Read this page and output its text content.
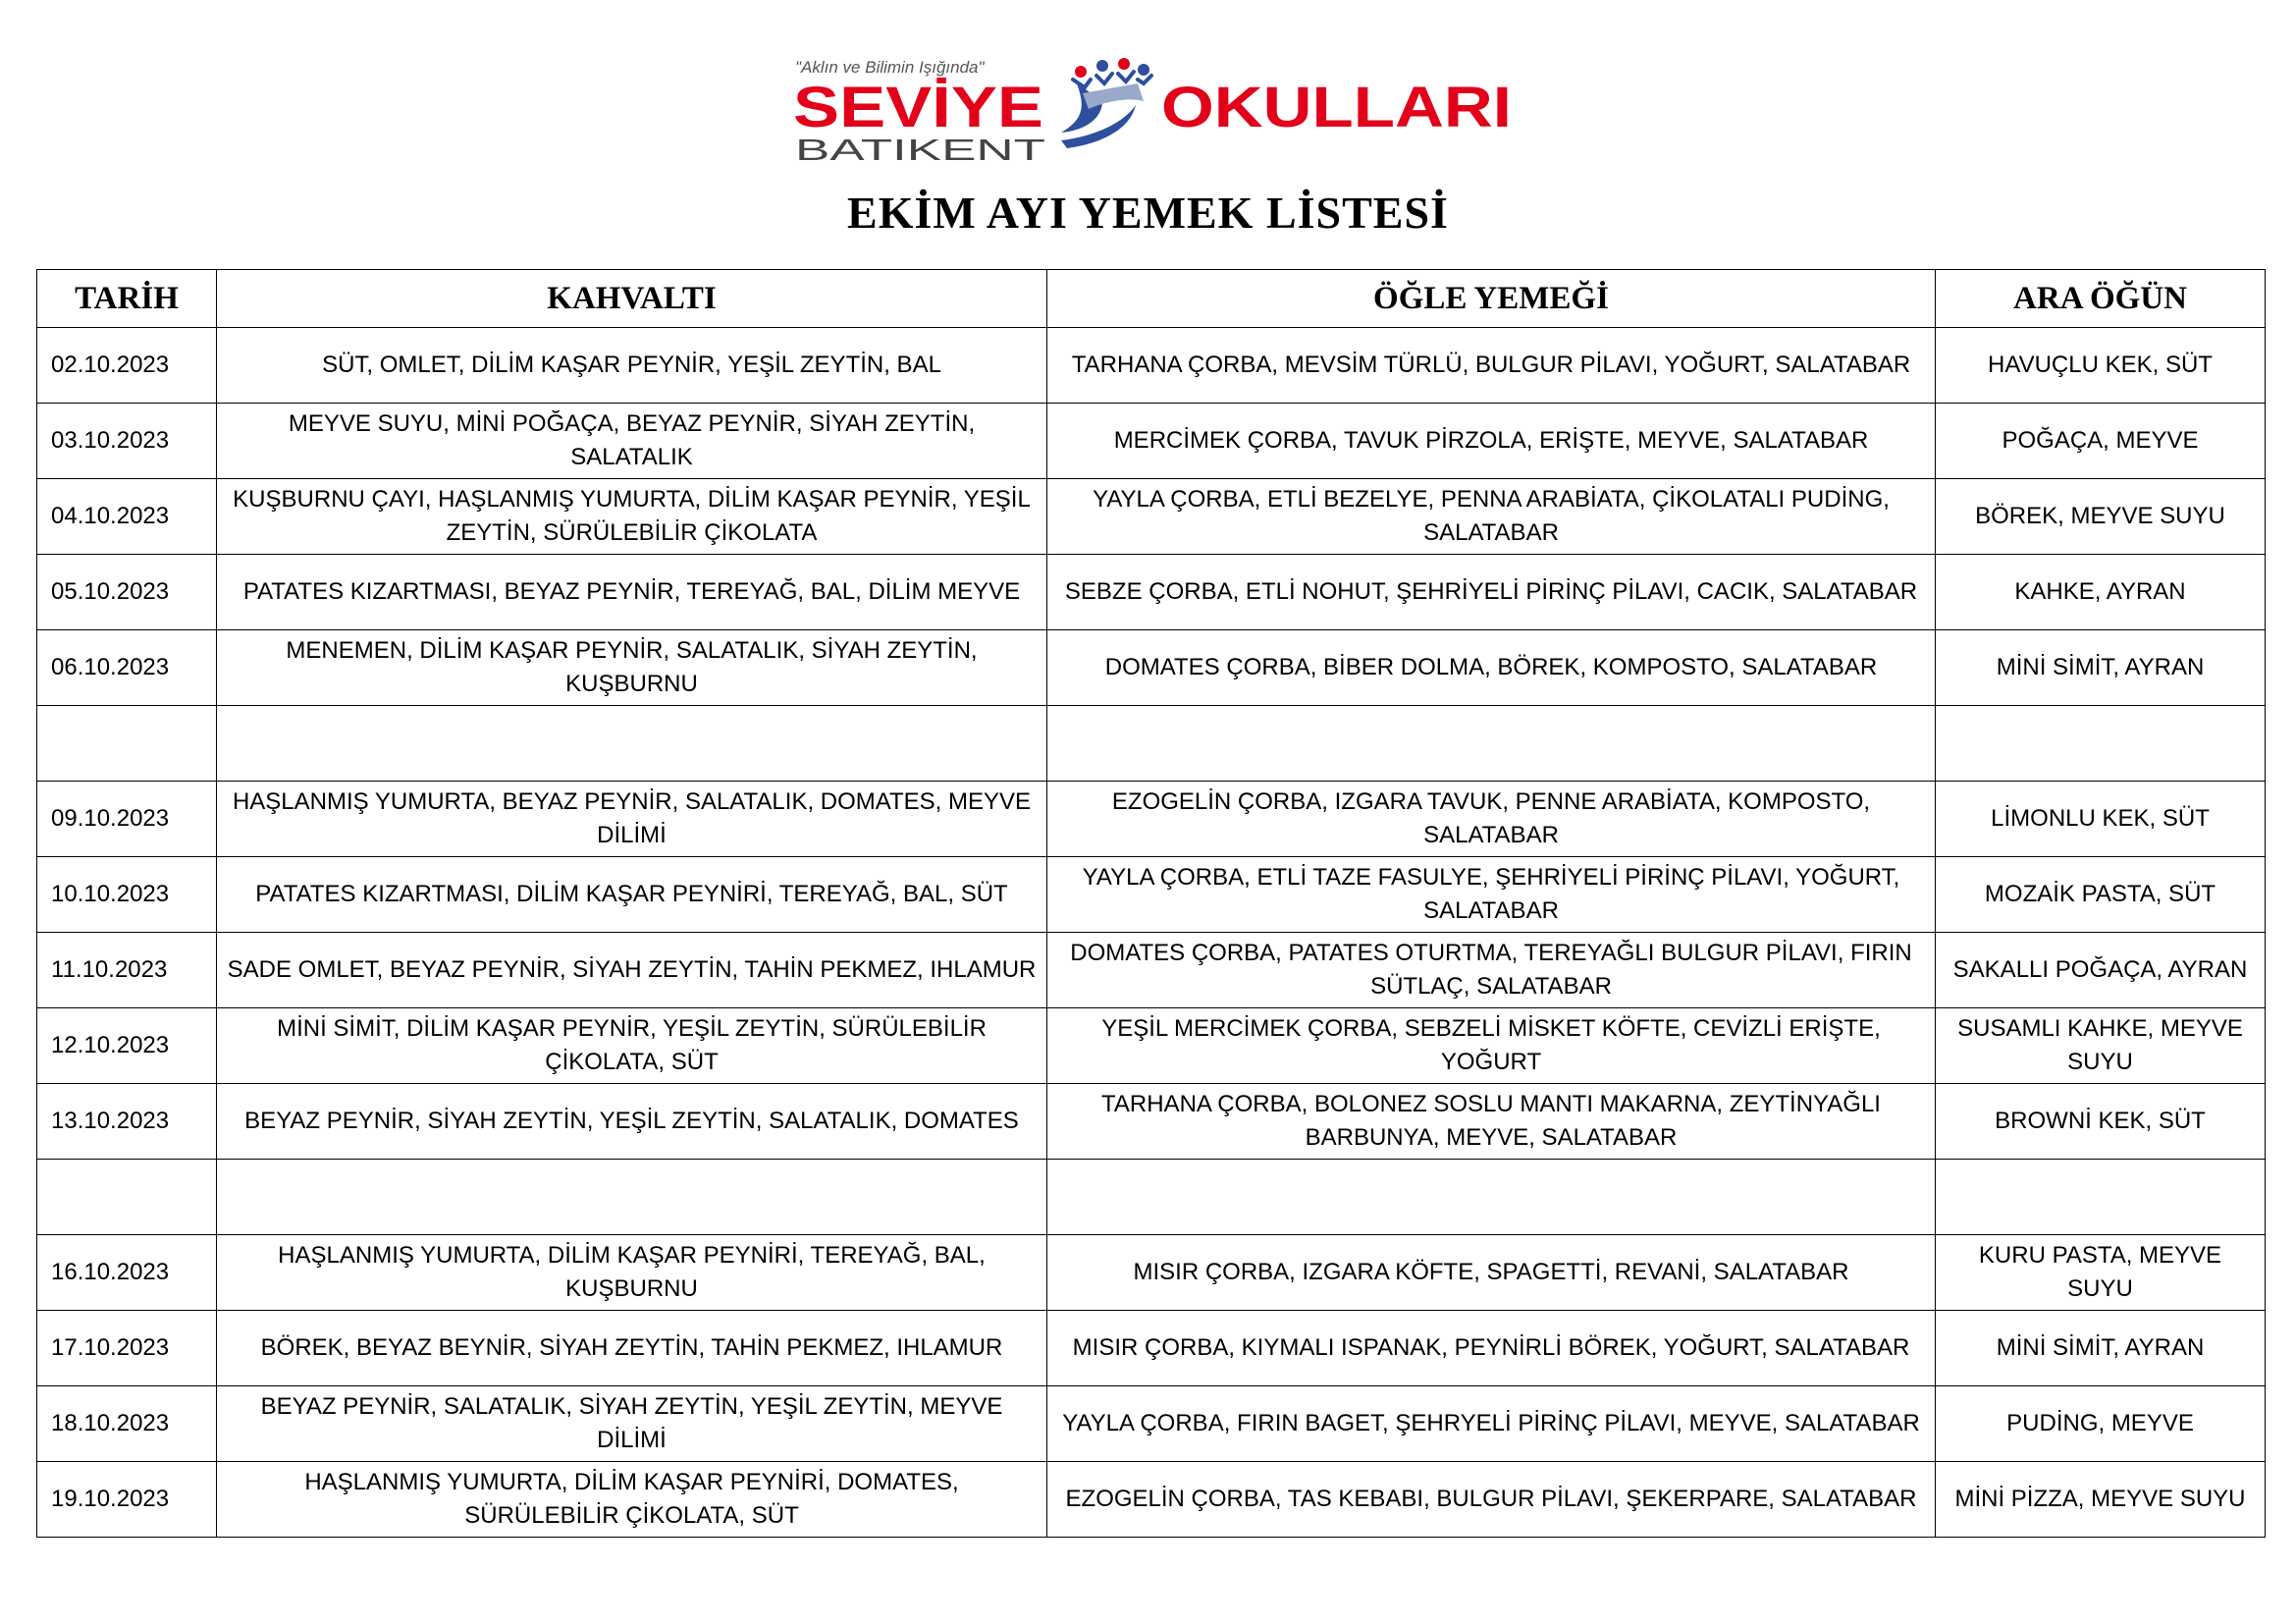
"Aklın ve Bilimin Işığında"
SEVİYE OKULLARI
BATIKENT
EKİM AYI YEMEK LİSTESİ
TARİH	KAHVALTI	ÖĞLE YEMEĞİ	ARA ÖĞÜN
02.10.2023	SÜT, OMLET, DİLİM KAŞAR PEYNİR, YEŞİL ZEYTİN, BAL	TARHANA ÇORBA, MEVSİM TÜRLÜ, BULGUR PİLAVI, YOĞURT, SALATABAR	HAVUÇLU KEK, SÜT
03.10.2023	MEYVE SUYU, MİNİ POĞAÇA, BEYAZ PEYNİR, SİYAH ZEYTİN, SALATALIK	MERCİMEK ÇORBA, TAVUK PİRZOLA, ERİŞTE, MEYVE, SALATABAR	POĞAÇA, MEYVE
04.10.2023	KUŞBURNU ÇAYI, HAŞLANMIŞ YUMURTA, DİLİM KAŞAR PEYNİR, YEŞİL ZEYTİN, SÜRÜLEBİLİR ÇİKOLATA	YAYLA ÇORBA, ETLİ BEZELYE, PENNA ARABİATA, ÇİKOLATALI PUDİNG, SALATABAR	BÖREK, MEYVE SUYU
05.10.2023	PATATES KIZARTMASI, BEYAZ PEYNİR, TEREYAĞ, BAL, DİLİM MEYVE	SEBZE ÇORBA, ETLİ NOHUT, ŞEHRİYELİ PİRİNÇ PİLAVI, CACIK, SALATABAR	KAHKE, AYRAN
06.10.2023	MENEMEN, DİLİM KAŞAR PEYNİR, SALATALIK, SİYAH ZEYTİN, KUŞBURNU	DOMATES ÇORBA, BİBER DOLMA, BÖREK, KOMPOSTO, SALATABAR	MİNİ SİMİT, AYRAN

09.10.2023	HAŞLANMIŞ YUMURTA, BEYAZ PEYNİR, SALATALIK, DOMATES, MEYVE DİLİMİ	EZOGELİN ÇORBA, IZGARA TAVUK, PENNE ARABİATA, KOMPOSTO, SALATABAR	LİMONLU KEK, SÜT
10.10.2023	PATATES KIZARTMASI, DİLİM KAŞAR PEYNİRİ, TEREYAĞ, BAL, SÜT	YAYLA ÇORBA, ETLİ TAZE FASULYE, ŞEHRİYELİ PİRİNÇ PİLAVI, YOĞURT, SALATABAR	MOZAİK PASTA, SÜT
11.10.2023	SADE OMLET, BEYAZ PEYNİR, SİYAH ZEYTİN, TAHİN PEKMEZ, IHLAMUR	DOMATES ÇORBA, PATATES OTURTMA, TEREYAĞLI BULGUR PİLAVI, FIRIN SÜTLAÇ, SALATABAR	SAKALLI POĞAÇA, AYRAN
12.10.2023	MİNİ SİMİT, DİLİM KAŞAR PEYNİR, YEŞİL ZEYTİN, SÜRÜLEBİLİR ÇİKOLATA, SÜT	YEŞİL MERCİMEK ÇORBA, SEBZELİ MİSKET KÖFTE, CEVİZLİ ERİŞTE, YOĞURT	SUSAMLI KAHKE, MEYVE SUYU
13.10.2023	BEYAZ PEYNİR, SİYAH ZEYTİN, YEŞİL ZEYTİN, SALATALIK, DOMATES	TARHANA ÇORBA, BOLONEZ SOSLU MANTI MAKARNA, ZEYTİNYAĞLI BARBUNYA, MEYVE, SALATABAR	BROWNİ KEK, SÜT

16.10.2023	HAŞLANMIŞ YUMURTA, DİLİM KAŞAR PEYNİRİ, TEREYAĞ, BAL, KUŞBURNU	MISIR ÇORBA, IZGARA KÖFTE, SPAGETTİ, REVANİ, SALATABAR	KURU PASTA, MEYVE SUYU
17.10.2023	BÖREK, BEYAZ BEYNİR, SİYAH ZEYTİN, TAHİN PEKMEZ, IHLAMUR	MISIR ÇORBA, KIYMALI ISPANAK, PEYNİRLİ BÖREK, YOĞURT, SALATABAR	MİNİ SİMİT, AYRAN
18.10.2023	BEYAZ PEYNİR, SALATALIK, SİYAH ZEYTİN, YEŞİL ZEYTİN, MEYVE DİLİMİ	YAYLA ÇORBA, FIRIN BAGET, ŞEHRYELİ PİRİNÇ PİLAVI, MEYVE, SALATABAR	PUDİNG, MEYVE
19.10.2023	HAŞLANMIŞ YUMURTA, DİLİM KAŞAR PEYNİRİ, DOMATES, SÜRÜLEBİLİR ÇİKOLATA, SÜT	EZOGELİN ÇORBA, TAS KEBABI, BULGUR PİLAVI, ŞEKERPARE, SALATABAR	MİNİ PİZZA, MEYVE SUYU
